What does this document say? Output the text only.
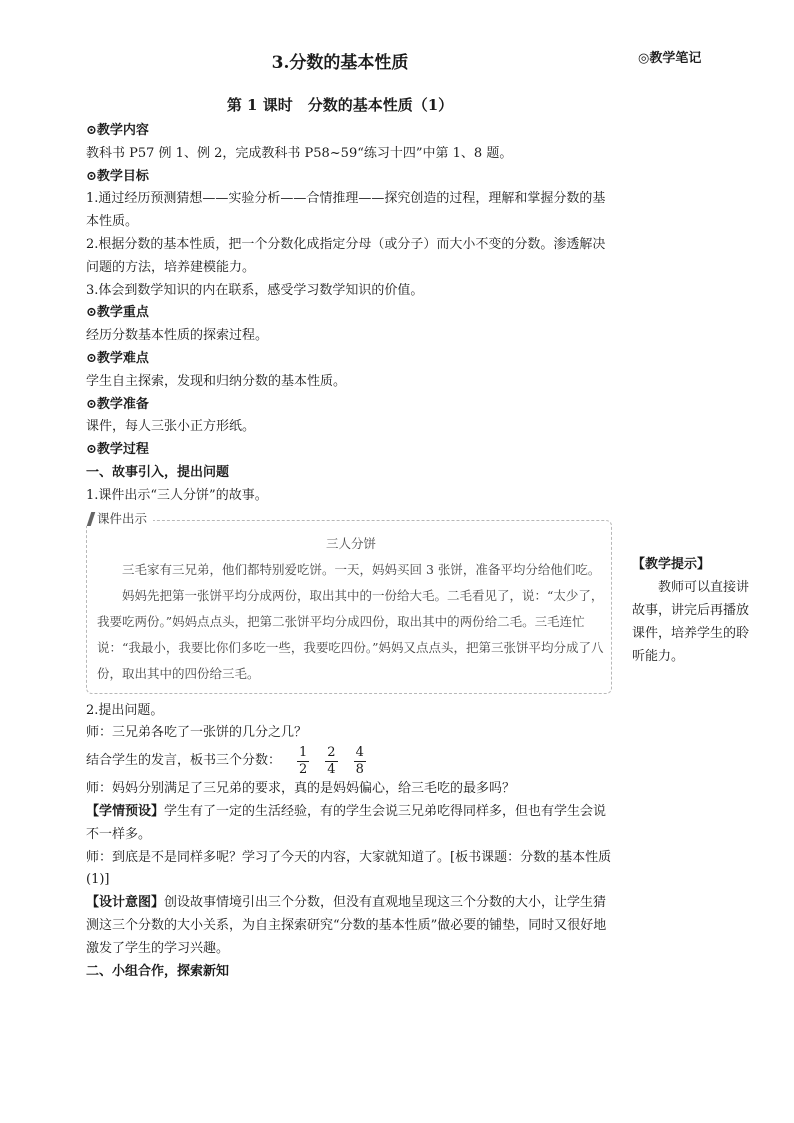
3.分数的基本性质	◎教学笔记
第 1 课时　分数的基本性质（1）

⊙教学内容

教科书 P57 例 1、例 2，完成教科书 P58~59“练习十四”中第 1、8 题。

⊙教学目标

1.通过经历预测猜想——实验分析——合情推理——探究创造的过程，理解和掌握分数的基本性质。

2.根据分数的基本性质，把一个分数化成指定分母（或分子）而大小不变的分数。渗透解决问题的方法，培养建模能力。

3.体会到数学知识的内在联系，感受学习数学知识的价值。

⊙教学重点

经历分数基本性质的探索过程。

⊙教学难点

学生自主探索，发现和归纳分数的基本性质。

⊙教学准备

课件，每人三张小正方形纸。

⊙教学过程

一、故事引入，提出问题

1.课件出示“三人分饼”的故事。

课件出示
三人分饼

三毛家有三兄弟，他们都特别爱吃饼。一天，妈妈买回 3 张饼，准备平均分给他们吃。

妈妈先把第一张饼平均分成两份，取出其中的一份给大毛。二毛看见了，说：“太少了，我要吃两份。”妈妈点点头，把第二张饼平均分成四份，取出其中的两份给二毛。三毛连忙说：“我最小，我要比你们多吃一些，我要吃四份。”妈妈又点点头，把第三张饼平均分成了八份，取出其中的四份给三毛。

2.提出问题。

师：三兄弟各吃了一张饼的几分之几？

结合学生的发言，板书三个分数： $\frac{1}{2} \frac{2}{4} \frac{4}{8}$

师：妈妈分别满足了三兄弟的要求，真的是妈妈偏心，给三毛吃的最多吗？

【学情预设】学生有了一定的生活经验，有的学生会说三兄弟吃得同样多，但也有学生会说不一样多。

师：到底是不是同样多呢？学习了今天的内容，大家就知道了。[板书课题：分数的基本性质(1)]

【设计意图】创设故事情境引出三个分数，但没有直观地呈现这三个分数的大小，让学生猜测这三个分数的大小关系，为自主探索研究“分数的基本性质”做必要的铺垫，同时又很好地激发了学生的学习兴趣。

二、小组合作，探索新知

【教学提示】

教师可以直接讲故事，讲完后再播放课件，培养学生的聆听能力。
